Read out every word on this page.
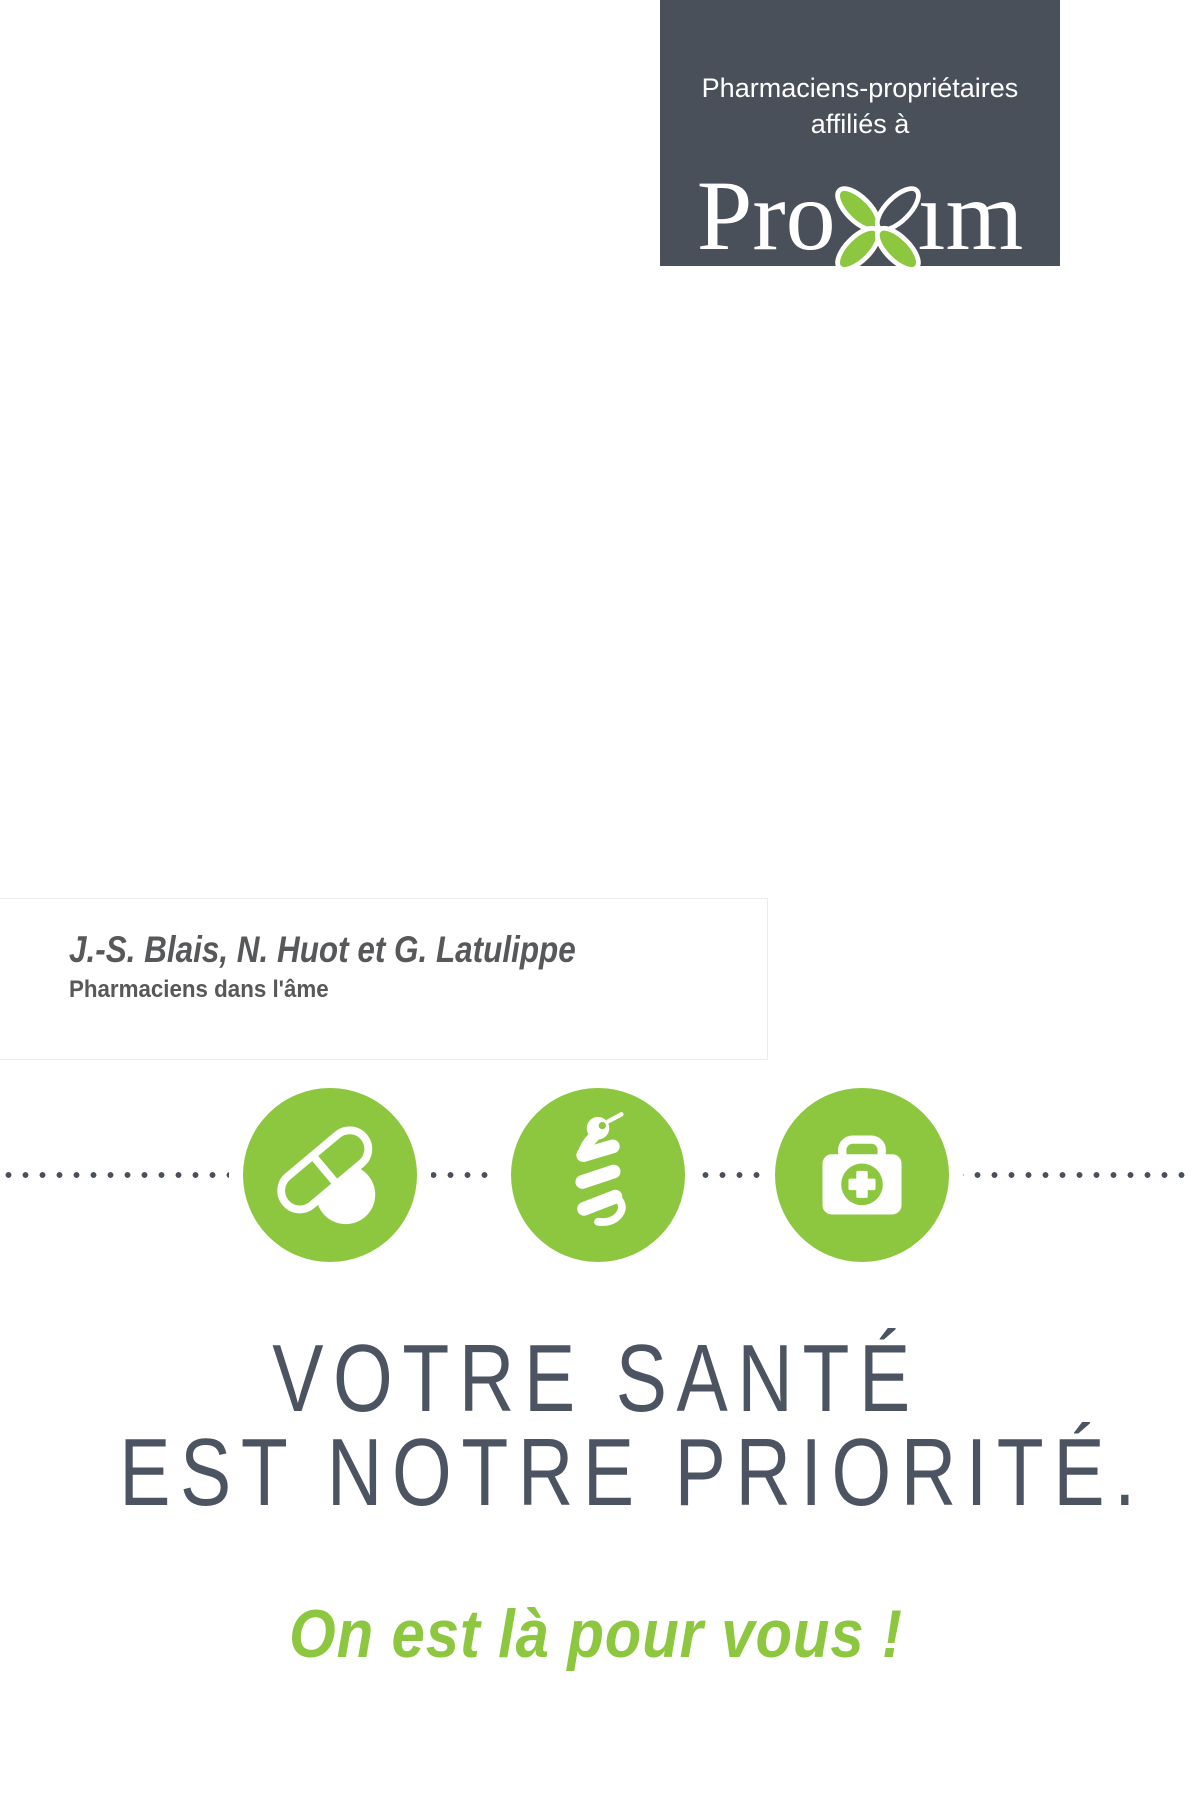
Pharmaciens-propriétaires
affiliés à
Pro ım
J.-S. Blais, N. Huot et G. Latulippe
Pharmaciens dans l'âme
VOTRE SANTÉ
EST NOTRE PRIORITÉ.
On est là pour vous !
